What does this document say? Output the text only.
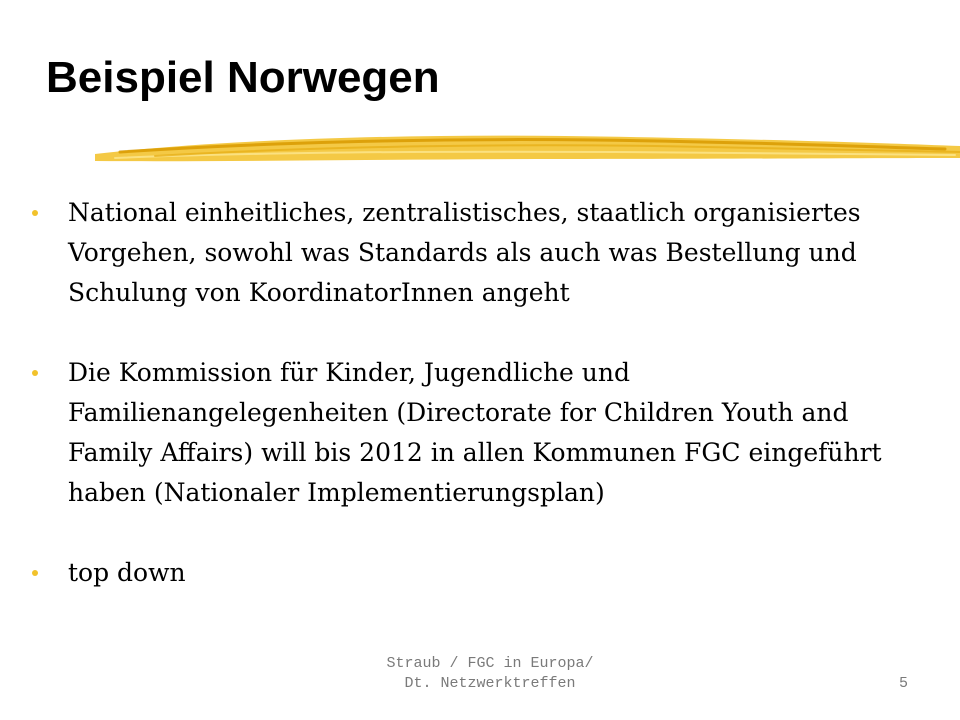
Beispiel Norwegen
National einheitliches, zentralistisches, staatlich organisiertes Vorgehen, sowohl was Standards als auch was Bestellung und Schulung von KoordinatorInnen angeht
Die Kommission für Kinder, Jugendliche und Familienangelegenheiten (Directorate for Children Youth and Family Affairs) will bis 2012 in allen Kommunen FGC eingeführt haben (Nationaler Implementierungsplan)
top down
Straub / FGC in Europa/
Dt. Netzwerktreffen	5
